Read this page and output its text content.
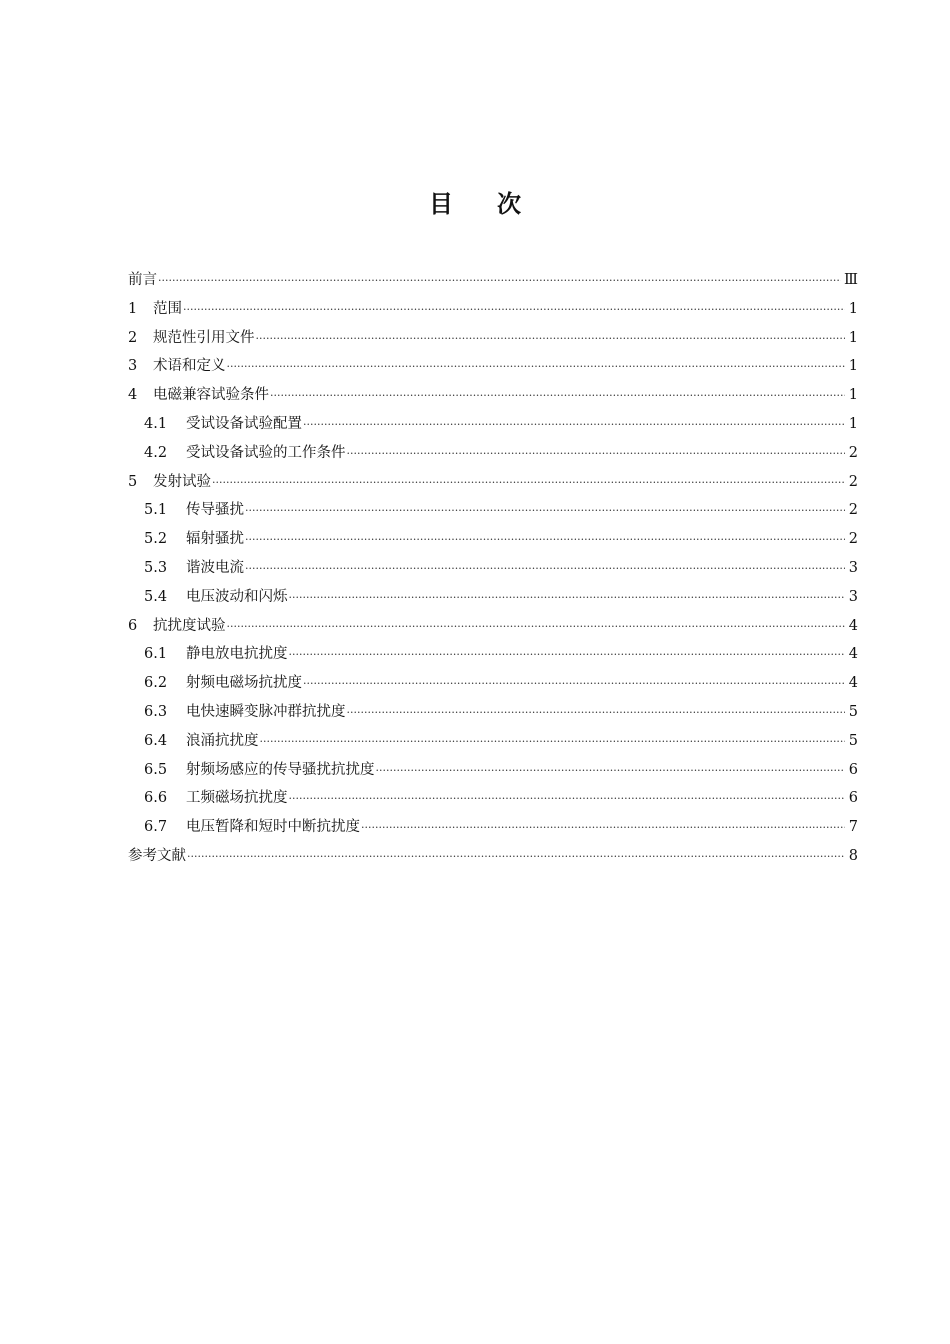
目次
前言 ·····	Ⅲ
1	范围 ·····	1
2	规范性引用文件 ·····	1
3	术语和定义 ·····	1
4	电磁兼容试验条件 ·····	1
4.1	受试设备试验配置 ·····	1
4.2	受试设备试验的工作条件 ·····	2
5	发射试验 ·····	2
5.1	传导骚扰 ·····	2
5.2	辐射骚扰 ·····	2
5.3	谐波电流 ·····	3
5.4	电压波动和闪烁 ·····	3
6	抗扰度试验 ·····	4
6.1	静电放电抗扰度 ·····	4
6.2	射频电磁场抗扰度 ·····	4
6.3	电快速瞬变脉冲群抗扰度 ·····	5
6.4	浪涌抗扰度 ·····	5
6.5	射频场感应的传导骚扰抗扰度 ·····	6
6.6	工频磁场抗扰度 ·····	6
6.7	电压暂降和短时中断抗扰度 ·····	7
参考文献 ·····	8
